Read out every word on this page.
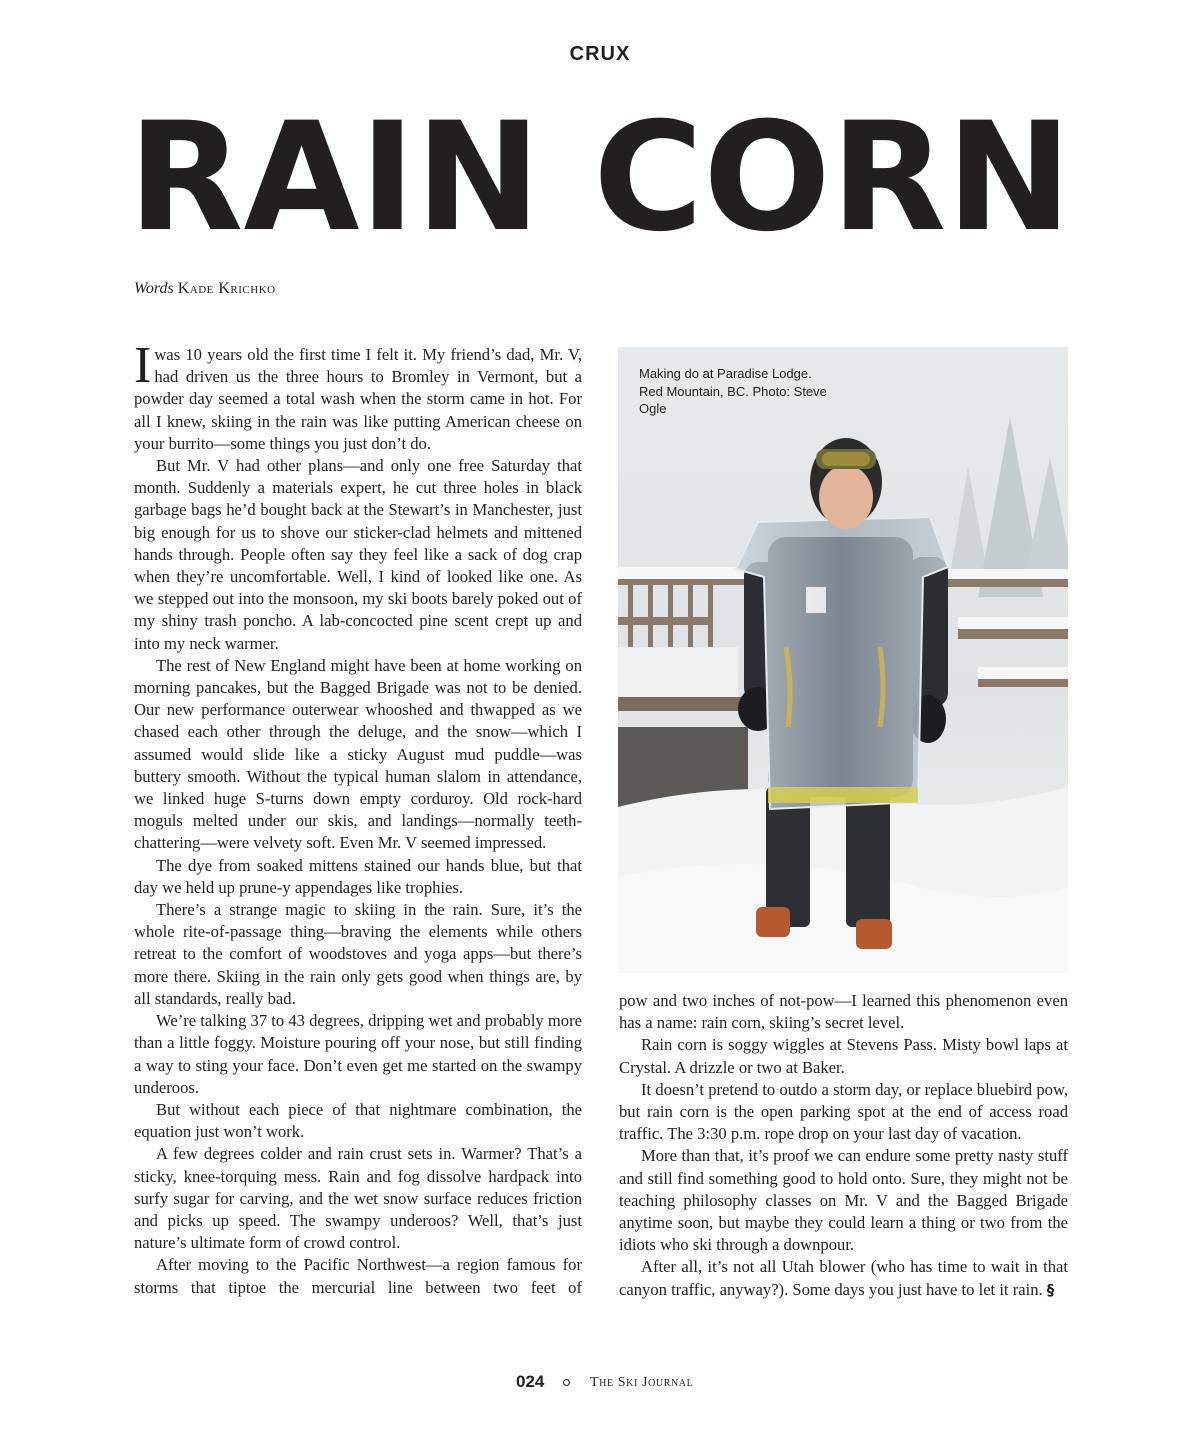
CRUX
RAIN CORN
Words Kade Krichko

Iwas 10 years old the first time I felt it. My friend’s dad, Mr. V, had driven us the three hours to Bromley in Vermont, but a powder day seemed a total wash when the storm came in hot. For all I knew, skiing in the rain was like putting American cheese on your burrito—some things you just don’t do.

But Mr. V had other plans—and only one free Saturday that month. Suddenly a materials expert, he cut three holes in black garbage bags he’d bought back at the Stewart’s in Manchester, just big enough for us to shove our sticker-clad helmets and mittened hands through. People often say they feel like a sack of dog crap when they’re uncomfortable. Well, I kind of looked like one. As we stepped out into the monsoon, my ski boots barely poked out of my shiny trash poncho. A lab-concocted pine scent crept up and into my neck warmer.

The rest of New England might have been at home working on morning pancakes, but the Bagged Brigade was not to be denied. Our new performance outerwear whooshed and thwapped as we chased each other through the deluge, and the snow—which I assumed would slide like a sticky August mud puddle—was buttery smooth. Without the typical human slalom in attendance, we linked huge S-turns down empty corduroy. Old rock-hard moguls melted under our skis, and landings—normally teeth-chattering—were velvety soft. Even Mr. V seemed impressed.

The dye from soaked mittens stained our hands blue, but that day we held up prune-y appendages like trophies.

There’s a strange magic to skiing in the rain. Sure, it’s the whole rite-of-passage thing—braving the elements while others retreat to the comfort of woodstoves and yoga apps—but there’s more there. Skiing in the rain only gets good when things are, by all standards, really bad.

We’re talking 37 to 43 degrees, dripping wet and probably more than a little foggy. Moisture pouring off your nose, but still finding a way to sting your face. Don’t even get me started on the swampy underoos.

But without each piece of that nightmare combination, the equation just won’t work.

A few degrees colder and rain crust sets in. Warmer? That’s a sticky, knee-torquing mess. Rain and fog dissolve hardpack into surfy sugar for carving, and the wet snow surface reduces friction and picks up speed. The swampy underoos? Well, that’s just nature’s ultimate form of crowd control.

After moving to the Pacific Northwest—a region famous for storms that tiptoe the mercurial line between two feet of

Making do at Paradise Lodge. Red Mountain, BC. Photo: Steve Ogle

pow and two inches of not-pow—I learned this phenomenon even has a name: rain corn, skiing’s secret level.

Rain corn is soggy wiggles at Stevens Pass. Misty bowl laps at Crystal. A drizzle or two at Baker.

It doesn’t pretend to outdo a storm day, or replace bluebird pow, but rain corn is the open parking spot at the end of access road traffic. The 3:30 p.m. rope drop on your last day of vacation.

More than that, it’s proof we can endure some pretty nasty stuff and still find something good to hold onto. Sure, they might not be teaching philosophy classes on Mr. V and the Bagged Brigade anytime soon, but maybe they could learn a thing or two from the idiots who ski through a downpour.

After all, it’s not all Utah blower (who has time to wait in that canyon traffic, anyway?). Some days you just have to let it rain. §

024	The Ski Journal
